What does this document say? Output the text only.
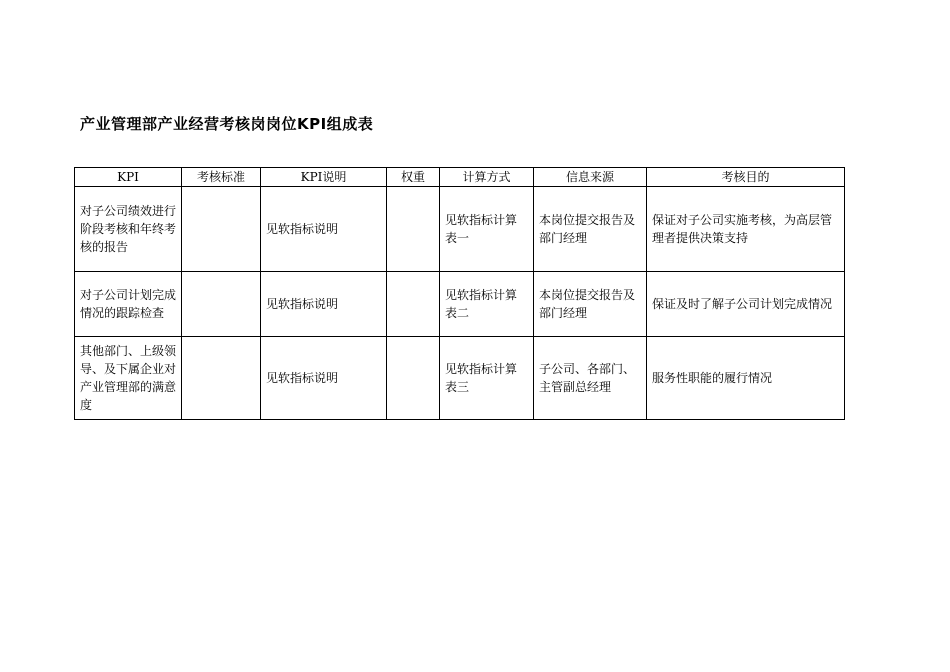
产业管理部产业经营考核岗岗位KPI组成表
KPI	考核标准	KPI说明	权重	计算方式	信息来源	考核目的
对子公司绩效进行阶段考核和年终考核的报告		见软指标说明		见软指标计算表一	本岗位提交报告及部门经理	保证对子公司实施考核，为高层管理者提供决策支持
对子公司计划完成情况的跟踪检查		见软指标说明		见软指标计算表二	本岗位提交报告及部门经理	保证及时了解子公司计划完成情况
其他部门、上级领导、及下属企业对产业管理部的满意度		见软指标说明		见软指标计算表三	子公司、各部门、主管副总经理	服务性职能的履行情况
